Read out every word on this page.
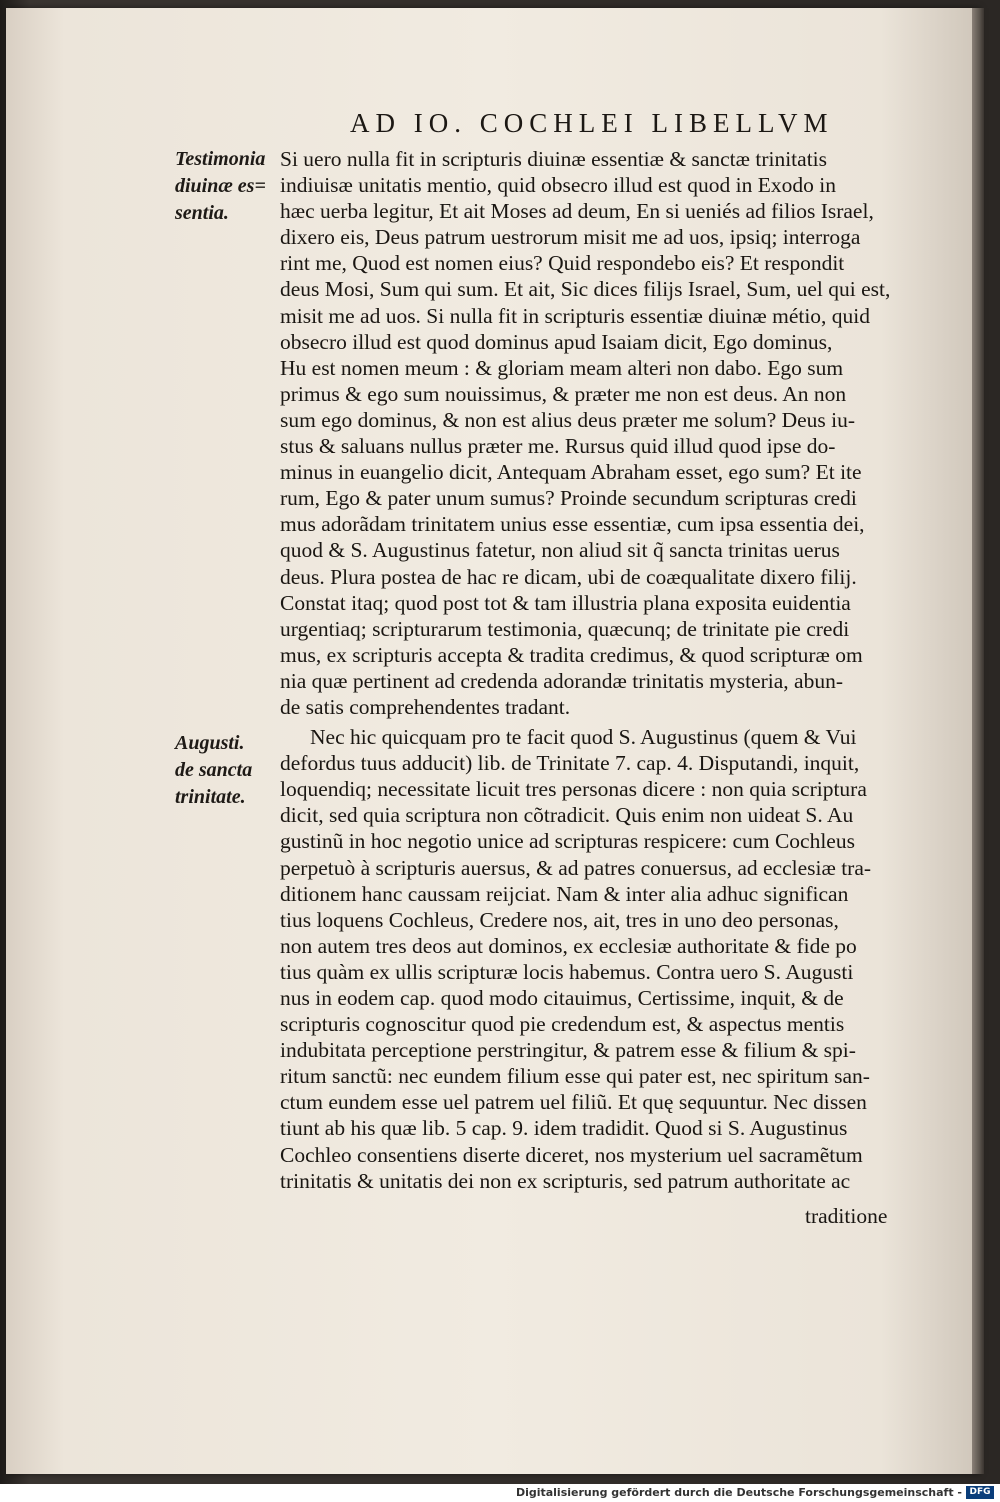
AD IO. COCHLEI LIBELLVM
Testimonia
diuinæ es=
sentia.
Augusti.
de sancta
trinitate.
Si uero nulla fit in scripturis diuinæ essentiæ & sanctæ trinitatis
indiuisæ unitatis mentio, quid obsecro illud est quod in Exodo in
hæc uerba legitur, Et ait Moses ad deum, En si ueniés ad filios Israel,
dixero eis, Deus patrum uestrorum misit me ad uos, ipsiq; interroga
rint me, Quod est nomen eius? Quid respondebo eis? Et respondit
deus Mosi, Sum qui sum. Et ait, Sic dices filijs Israel, Sum, uel qui est,
misit me ad uos. Si nulla fit in scripturis essentiæ diuinæ métio, quid
obsecro illud est quod dominus apud Isaiam dicit, Ego dominus,
Hu est nomen meum : & gloriam meam alteri non dabo. Ego sum
primus & ego sum nouissimus, & præter me non est deus. An non
sum ego dominus, & non est alius deus præter me solum? Deus iu-
stus & saluans nullus præter me. Rursus quid illud quod ipse do-
minus in euangelio dicit, Antequam Abraham esset, ego sum? Et ite
rum, Ego & pater unum sumus? Proinde secundum scripturas credi
mus adorãdam trinitatem unius esse essentiæ, cum ipsa essentia dei,
quod & S. Augustinus fatetur, non aliud sit q̃ sancta trinitas uerus
deus. Plura postea de hac re dicam, ubi de coæqualitate dixero filij.
Constat itaq; quod post tot & tam illustria plana exposita euidentia
urgentiaq; scripturarum testimonia, quæcunq; de trinitate pie credi
mus, ex scripturis accepta & tradita credimus, & quod scripturæ om
nia quæ pertinent ad credenda adorandæ trinitatis mysteria, abun-
de satis comprehendentes tradant.
Nec hic quicquam pro te facit quod S. Augustinus (quem & Vui
defordus tuus adducit) lib. de Trinitate 7. cap. 4. Disputandi, inquit,
loquendiq; necessitate licuit tres personas dicere : non quia scriptura
dicit, sed quia scriptura non cõtradicit. Quis enim non uideat S. Au
gustinũ in hoc negotio unice ad scripturas respicere: cum Cochleus
perpetuò à scripturis auersus, & ad patres conuersus, ad ecclesiæ tra-
ditionem hanc caussam reijciat. Nam & inter alia adhuc significan
tius loquens Cochleus, Credere nos, ait, tres in uno deo personas,
non autem tres deos aut dominos, ex ecclesiæ authoritate & fide po
tius quàm ex ullis scripturæ locis habemus. Contra uero S. Augusti
nus in eodem cap. quod modo citauimus, Certissime, inquit, & de
scripturis cognoscitur quod pie credendum est, & aspectus mentis
indubitata perceptione perstringitur, & patrem esse & filium & spi-
ritum sanctũ: nec eundem filium esse qui pater est, nec spiritum san-
ctum eundem esse uel patrem uel filiũ. Et quę sequuntur. Nec dissen
tiunt ab his quæ lib. 5 cap. 9. idem tradidit. Quod si S. Augustinus
Cochleo consentiens diserte diceret, nos mysterium uel sacramẽtum
trinitatis & unitatis dei non ex scripturis, sed patrum authoritate ac
traditione
Digitalisierung gefördert durch die Deutsche Forschungsgemeinschaft - DFG
